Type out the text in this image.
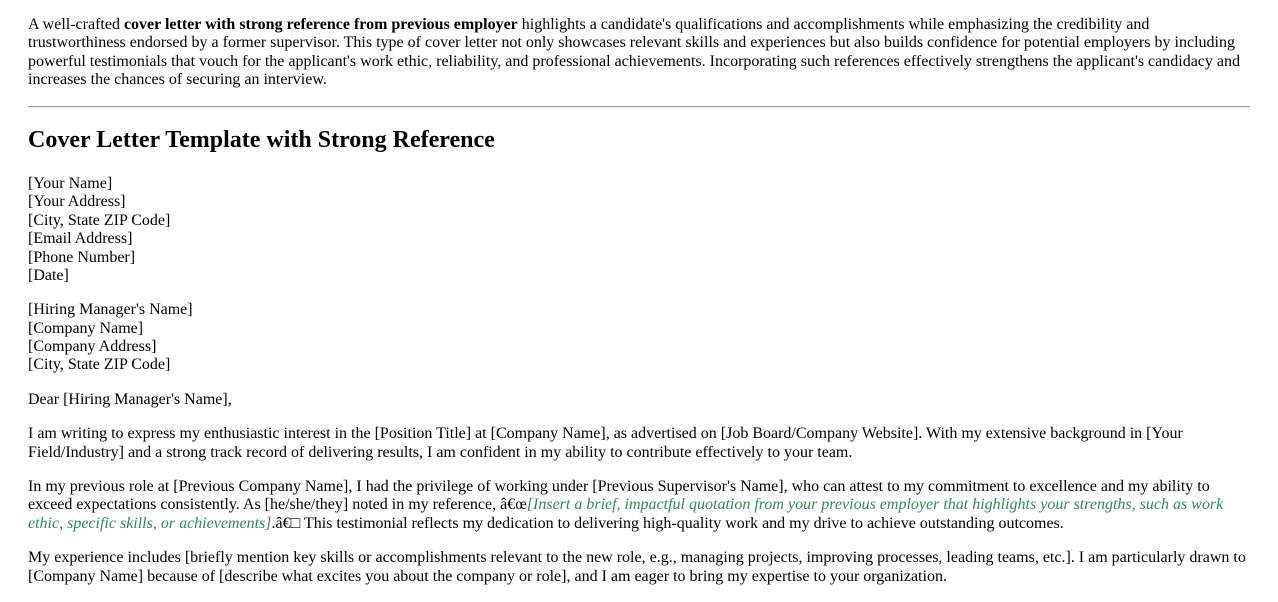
A well-crafted cover letter with strong reference from previous employer highlights a candidate's qualifications and accomplishments while emphasizing the credibility and trustworthiness endorsed by a former supervisor. This type of cover letter not only showcases relevant skills and experiences but also builds confidence for potential employers by including powerful testimonials that vouch for the applicant's work ethic, reliability, and professional achievements. Incorporating such references effectively strengthens the applicant's candidacy and increases the chances of securing an interview.

Cover Letter Template with Strong Reference

[Your Name]
[Your Address]
[City, State ZIP Code]
[Email Address]
[Phone Number]
[Date]

[Hiring Manager's Name]
[Company Name]
[Company Address]
[City, State ZIP Code]

Dear [Hiring Manager's Name],

I am writing to express my enthusiastic interest in the [Position Title] at [Company Name], as advertised on [Job Board/Company Website]. With my extensive background in [Your Field/Industry] and a strong track record of delivering results, I am confident in my ability to contribute effectively to your team.

In my previous role at [Previous Company Name], I had the privilege of working under [Previous Supervisor's Name], who can attest to my commitment to excellence and my ability to exceed expectations consistently. As [he/she/they] noted in my reference, â€œ[Insert a brief, impactful quotation from your previous employer that highlights your strengths, such as work ethic, specific skills, or achievements].â€□ This testimonial reflects my dedication to delivering high-quality work and my drive to achieve outstanding outcomes.

My experience includes [briefly mention key skills or accomplishments relevant to the new role, e.g., managing projects, improving processes, leading teams, etc.]. I am particularly drawn to [Company Name] because of [describe what excites you about the company or role], and I am eager to bring my expertise to your organization.
